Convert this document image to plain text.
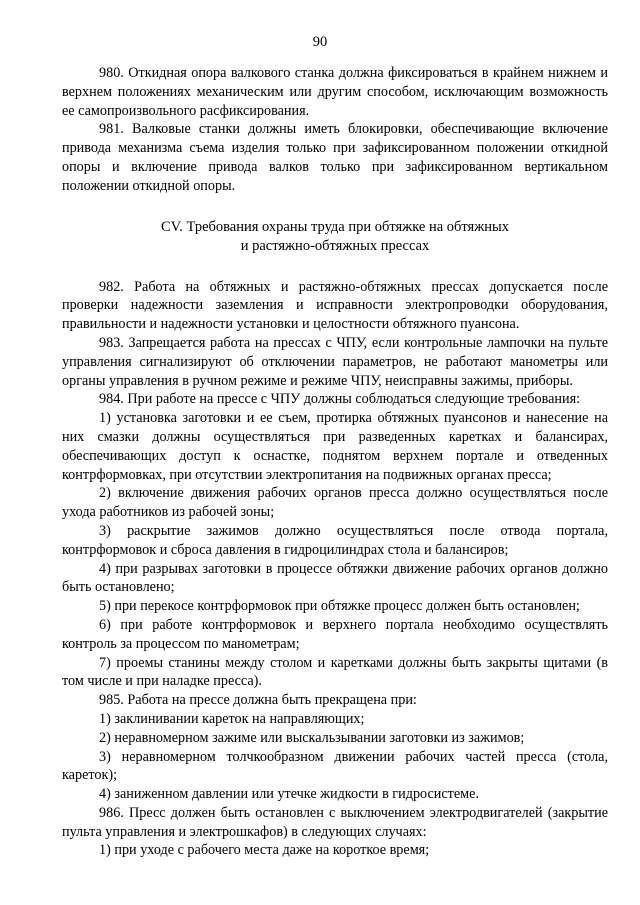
90

980. Откидная опора валкового станка должна фиксироваться в крайнем нижнем и верхнем положениях механическим или другим способом, исключающим возможность ее самопроизвольного расфиксирования.

981. Валковые станки должны иметь блокировки, обеспечивающие включение привода механизма съема изделия только при зафиксированном положении откидной опоры и включение привода валков только при зафиксированном вертикальном положении откидной опоры.

CV. Требования охраны труда при обтяжке на обтяжных
и растяжно-обтяжных прессах

982. Работа на обтяжных и растяжно-обтяжных прессах допускается после проверки надежности заземления и исправности электропроводки оборудования, правильности и надежности установки и целостности обтяжного пуансона.

983. Запрещается работа на прессах с ЧПУ, если контрольные лампочки на пульте управления сигнализируют об отключении параметров, не работают манометры или органы управления в ручном режиме и режиме ЧПУ, неисправны зажимы, приборы.

984. При работе на прессе с ЧПУ должны соблюдаться следующие требования:

1) установка заготовки и ее съем, протирка обтяжных пуансонов и нанесение на них смазки должны осуществляться при разведенных каретках и балансирах, обеспечивающих доступ к оснастке, поднятом верхнем портале и отведенных контрформовках, при отсутствии электропитания на подвижных органах пресса;

2) включение движения рабочих органов пресса должно осуществляться после ухода работников из рабочей зоны;

3) раскрытие зажимов должно осуществляться после отвода портала, контрформовок и сброса давления в гидроцилиндрах стола и балансиров;

4) при разрывах заготовки в процессе обтяжки движение рабочих органов должно быть остановлено;

5) при перекосе контрформовок при обтяжке процесс должен быть остановлен;

6) при работе контрформовок и верхнего портала необходимо осуществлять контроль за процессом по манометрам;

7) проемы станины между столом и каретками должны быть закрыты щитами (в том числе и при наладке пресса).

985. Работа на прессе должна быть прекращена при:

1) заклинивании кареток на направляющих;

2) неравномерном зажиме или выскальзывании заготовки из зажимов;

3) неравномерном толчкообразном движении рабочих частей пресса (стола, кареток);

4) заниженном давлении или утечке жидкости в гидросистеме.

986. Пресс должен быть остановлен с выключением электродвигателей (закрытие пульта управления и электрошкафов) в следующих случаях:

1) при уходе с рабочего места даже на короткое время;
